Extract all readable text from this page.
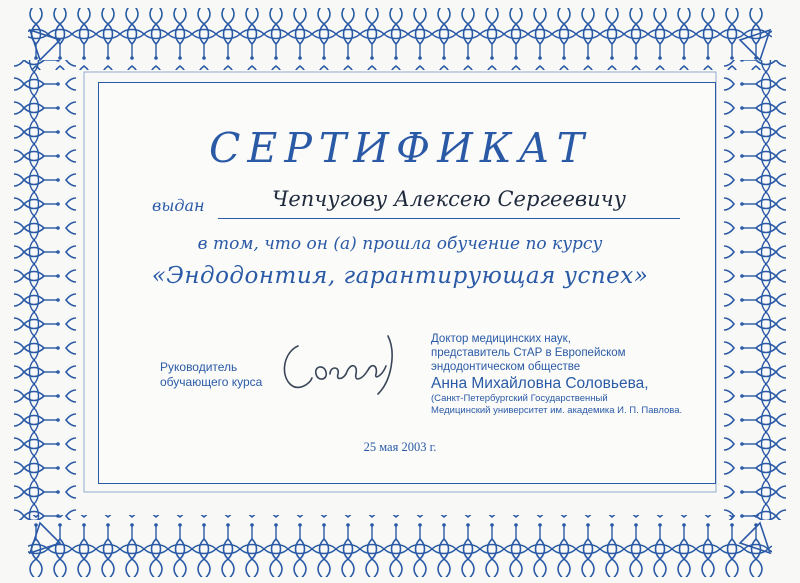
СЕРТИФИКАТ
выдан	Чепчугову Алексею Сергеевичу
в том, что он (а) прошла обучение по курсу
«Эндодонтия, гарантирующая успех»
Руководитель
обучающего курса
Доктор медицинских наук,
представитель СтАР в Европейском
эндодонтическом обществе
Анна Михайловна Соловьева,
(Санкт-Петербургский Государственный
Медицинский университет им. академика И. П. Павлова.
25 мая 2003 г.
